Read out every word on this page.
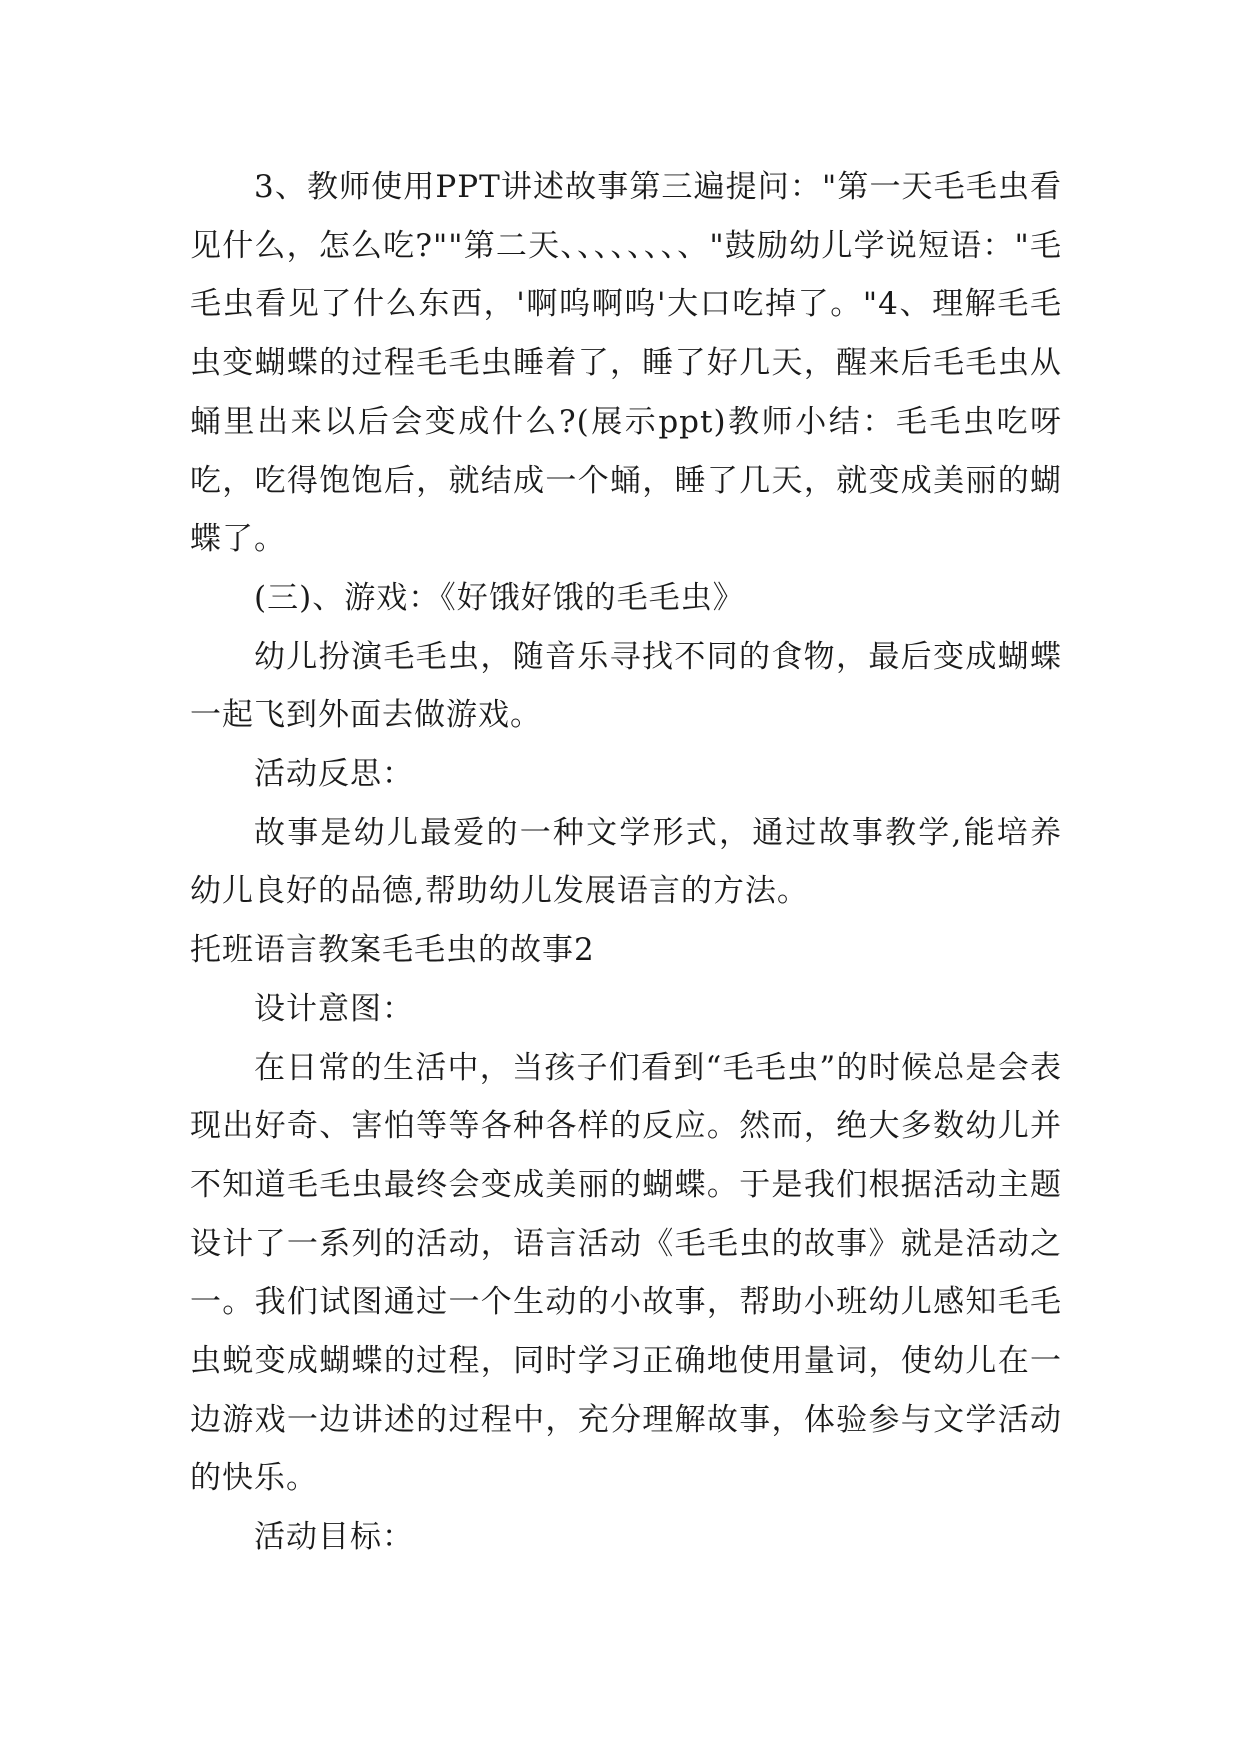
3、教师使用PPT讲述故事第三遍提问："第一天毛毛虫看见什么，怎么吃?""第二天、、、、、、、、"鼓励幼儿学说短语："毛毛虫看见了什么东西，'啊呜啊呜'大口吃掉了。"4、理解毛毛虫变蝴蝶的过程毛毛虫睡着了，睡了好几天，醒来后毛毛虫从蛹里出来以后会变成什么?(展示ppt)教师小结：毛毛虫吃呀吃，吃得饱饱后，就结成一个蛹，睡了几天，就变成美丽的蝴蝶了。

(三)、游戏：《好饿好饿的毛毛虫》

幼儿扮演毛毛虫，随音乐寻找不同的食物，最后变成蝴蝶一起飞到外面去做游戏。

活动反思：

故事是幼儿最爱的一种文学形式，通过故事教学,能培养幼儿良好的品德,帮助幼儿发展语言的方法。

托班语言教案毛毛虫的故事2

设计意图：

在日常的生活中，当孩子们看到“毛毛虫”的时候总是会表现出好奇、害怕等等各种各样的反应。然而，绝大多数幼儿并不知道毛毛虫最终会变成美丽的蝴蝶。于是我们根据活动主题设计了一系列的活动，语言活动《毛毛虫的故事》就是活动之一。我们试图通过一个生动的小故事，帮助小班幼儿感知毛毛虫蜕变成蝴蝶的过程，同时学习正确地使用量词，使幼儿在一边游戏一边讲述的过程中，充分理解故事，体验参与文学活动的快乐。

活动目标：
